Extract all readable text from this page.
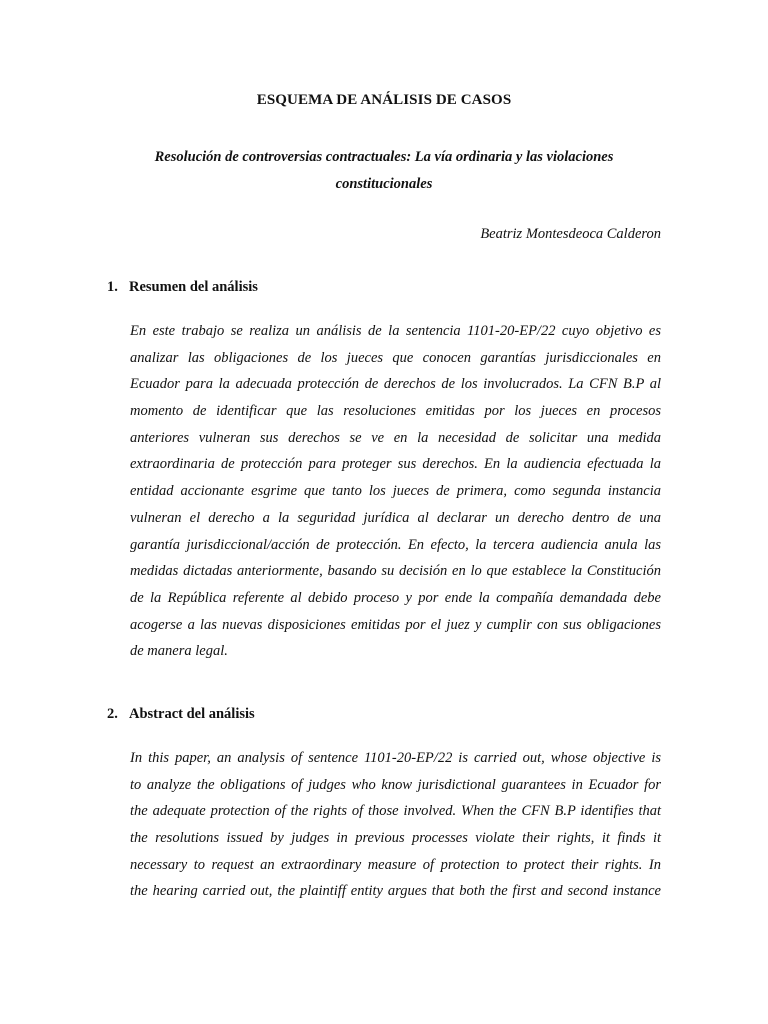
ESQUEMA DE ANÁLISIS DE CASOS
Resolución de controversias contractuales: La vía ordinaria y las violaciones
constitucionales
Beatriz Montesdeoca Calderon
1. Resumen del análisis
En este trabajo se realiza un análisis de la sentencia 1101-20-EP/22 cuyo objetivo es
analizar las obligaciones de los jueces que conocen garantías jurisdiccionales en
Ecuador para la adecuada protección de derechos de los involucrados. La CFN B.P al
momento de identificar que las resoluciones emitidas por los jueces en procesos
anteriores vulneran sus derechos se ve en la necesidad de solicitar una medida
extraordinaria de protección para proteger sus derechos. En la audiencia efectuada la
entidad accionante esgrime que tanto los jueces de primera, como segunda instancia
vulneran el derecho a la seguridad jurídica al declarar un derecho dentro de una
garantía jurisdiccional/acción de protección. En efecto, la tercera audiencia anula las
medidas dictadas anteriormente, basando su decisión en lo que establece la Constitución
de la República referente al debido proceso y por ende la compañía demandada debe
acogerse a las nuevas disposiciones emitidas por el juez y cumplir con sus obligaciones
de manera legal.
2. Abstract del análisis
In this paper, an analysis of sentence 1101-20-EP/22 is carried out, whose objective is
to analyze the obligations of judges who know jurisdictional guarantees in Ecuador for
the adequate protection of the rights of those involved. When the CFN B.P identifies that
the resolutions issued by judges in previous processes violate their rights, it finds it
necessary to request an extraordinary measure of protection to protect their rights. In
the hearing carried out, the plaintiff entity argues that both the first and second instance
